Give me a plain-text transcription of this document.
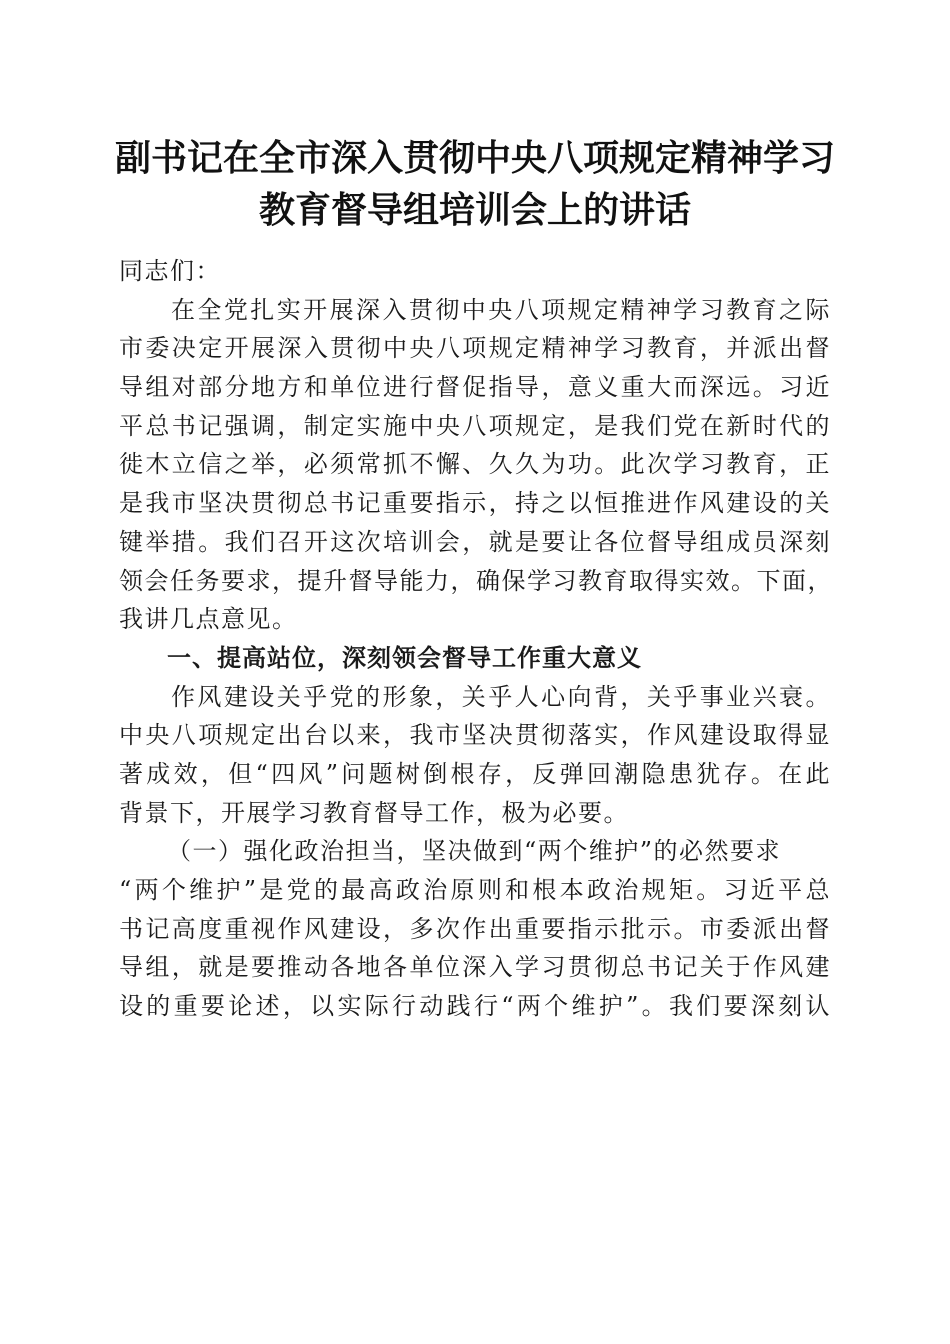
副书记在全市深入贯彻中央八项规定精神学习
教育督导组培训会上的讲话
同志们：
在全党扎实开展深入贯彻中央八项规定精神学习教育之际
市委决定开展深入贯彻中央八项规定精神学习教育，并派出督
导组对部分地方和单位进行督促指导，意义重大而深远。习近
平总书记强调，制定实施中央八项规定，是我们党在新时代的
徙木立信之举，必须常抓不懈、久久为功。此次学习教育，正
是我市坚决贯彻总书记重要指示，持之以恒推进作风建设的关
键举措。我们召开这次培训会，就是要让各位督导组成员深刻
领会任务要求，提升督导能力，确保学习教育取得实效。下面，
我讲几点意见。
一、提高站位，深刻领会督导工作重大意义
作风建设关乎党的形象，关乎人心向背，关乎事业兴衰。
中央八项规定出台以来，我市坚决贯彻落实，作风建设取得显
著成效，但“四风”问题树倒根存，反弹回潮隐患犹存。在此
背景下，开展学习教育督导工作，极为必要。
（一）强化政治担当，坚决做到“两个维护”的必然要求
“两个维护”是党的最高政治原则和根本政治规矩。习近平总
书记高度重视作风建设，多次作出重要指示批示。市委派出督
导组，就是要推动各地各单位深入学习贯彻总书记关于作风建
设的重要论述，以实际行动践行“两个维护”。我们要深刻认
